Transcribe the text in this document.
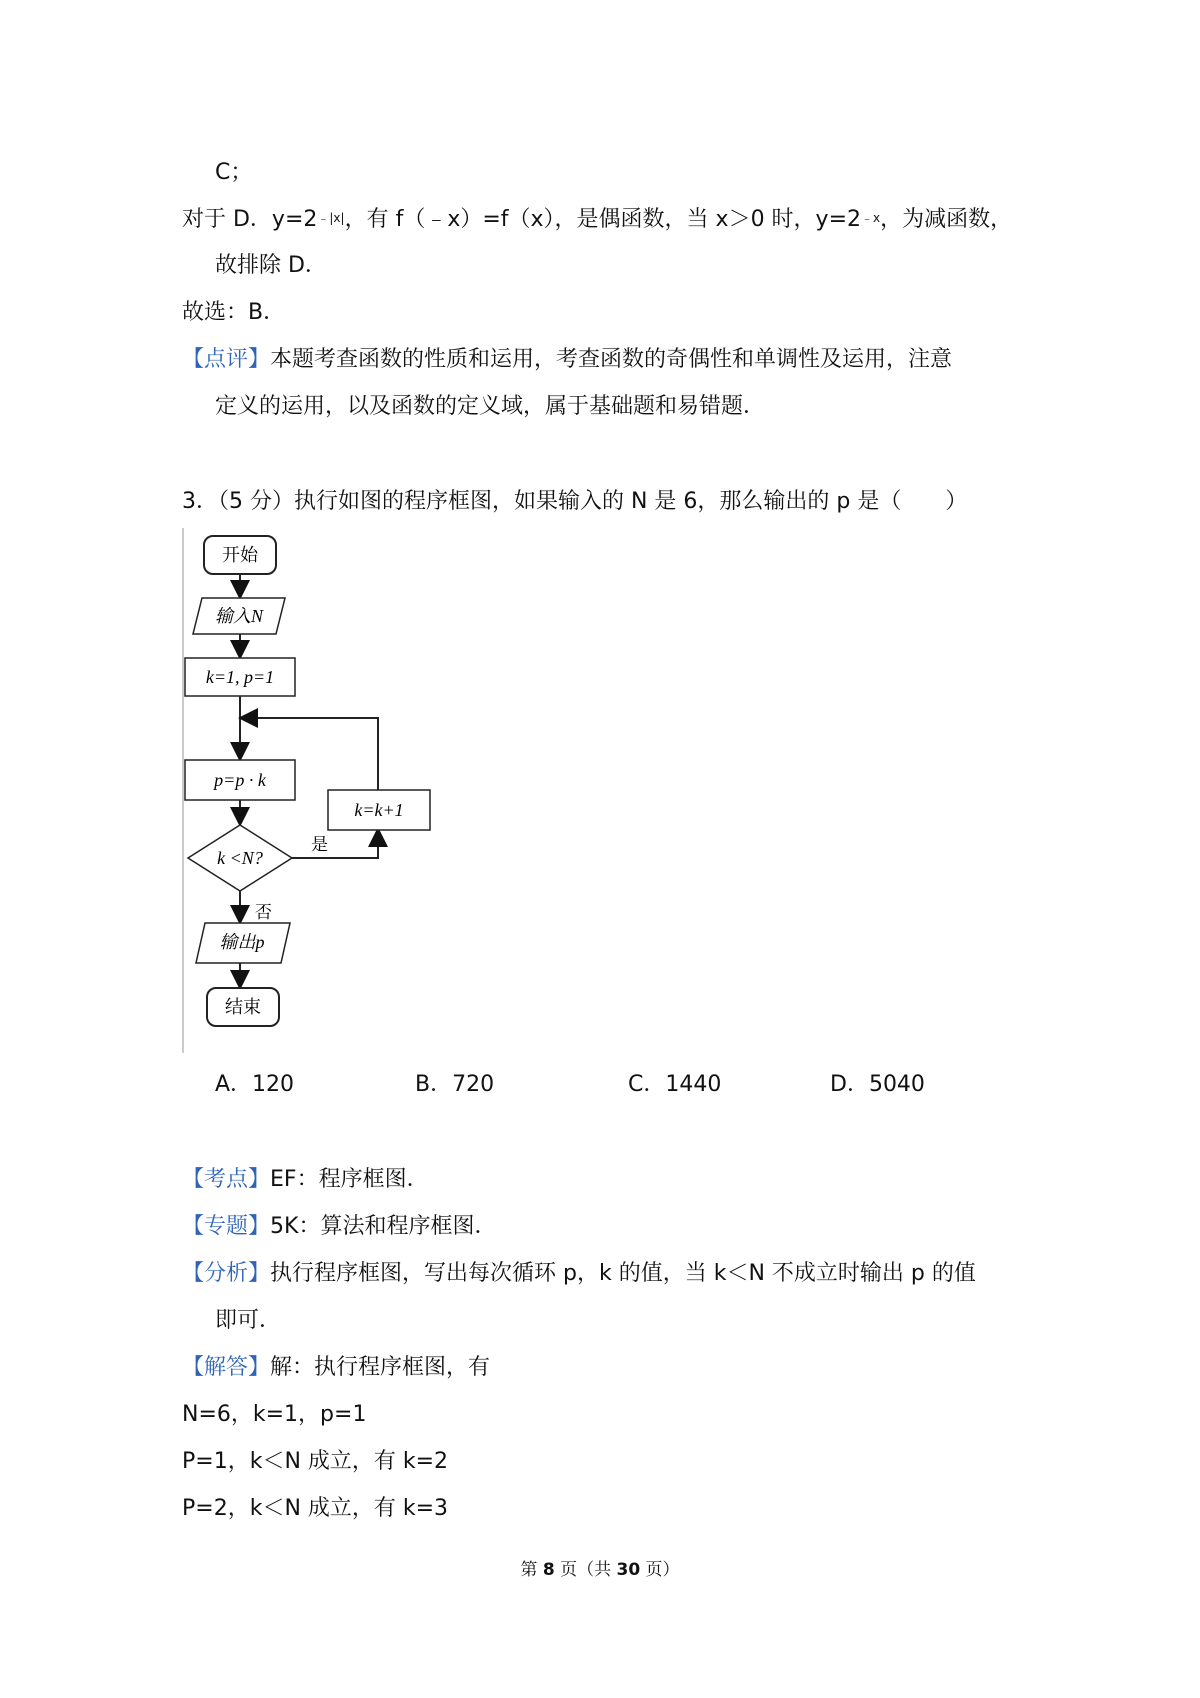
C；
对于 D．$y=2^{﹣|x|}$，有 f（﹣x）=f（x），是偶函数，当 x＞0 时，$y=2^{﹣x}$，为减函数，
故排除 D．
故选：B．
【点评】本题考查函数的性质和运用，考查函数的奇偶性和单调性及运用，注意
定义的运用，以及函数的定义域，属于基础题和易错题．
3．（5 分）执行如图的程序框图，如果输入的 N 是 6，那么输出的 p 是（　　）
开始
输入N
k=1, p=1
p=p · k
k <N?
是
k=k+1
否
输出p
结束
A．120	B．720	C．1440	D．5040
【考点】EF：程序框图．
【专题】5K：算法和程序框图．
【分析】执行程序框图，写出每次循环 p，k 的值，当 k＜N 不成立时输出 p 的值
即可．
【解答】解：执行程序框图，有
N=6，k=1，p=1
P=1，k＜N 成立，有 k=2
P=2，k＜N 成立，有 k=3
第 8 页（共 30 页）
